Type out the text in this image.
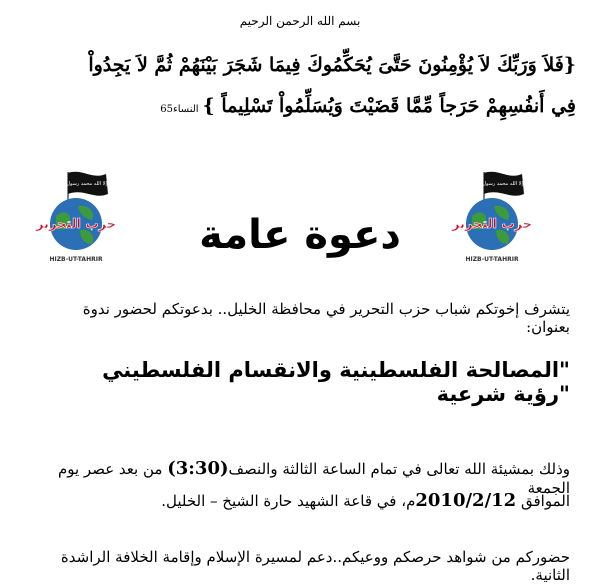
بسم الله الرحمن الرحيم
{فَلاَ وَرَبِّكَ لاَ يُؤْمِنُونَ حَتَّىَ يُحَكِّمُوكَ فِيمَا شَجَرَ بَيْنَهُمْ ثُمَّ لاَ يَجِدُواْ
فِي أَنفُسِهِمْ حَرَجاً مِّمَّا قَضَيْتَ وَيُسَلِّمُواْ تَسْلِيماً }النساء65
لا إله إلا الله محمد رسول الله
حزب التحرير
HIZB-UT-TAHRIR
لا إله إلا الله محمد رسول الله
حزب التحرير
HIZB-UT-TAHRIR
دعوة عامة
يتشرف إخوتكم شباب حزب التحرير في محافظة الخليل.. بدعوتكم لحضور ندوة بعنوان:
"المصالحة الفلسطينية والانقسام الفلسطيني "رؤية شرعية
وذلك بمشيئة الله تعالى في تمام الساعة الثالثة والنصف(3:30) من بعد عصر يوم الجمعة
الموافق 2010/2/12م، في قاعة الشهيد حارة الشيخ – الخليل.
حضوركم من شواهد حرصكم ووعيكم..دعم لمسيرة الإسلام وإقامة الخلافة الراشدة الثانية.
